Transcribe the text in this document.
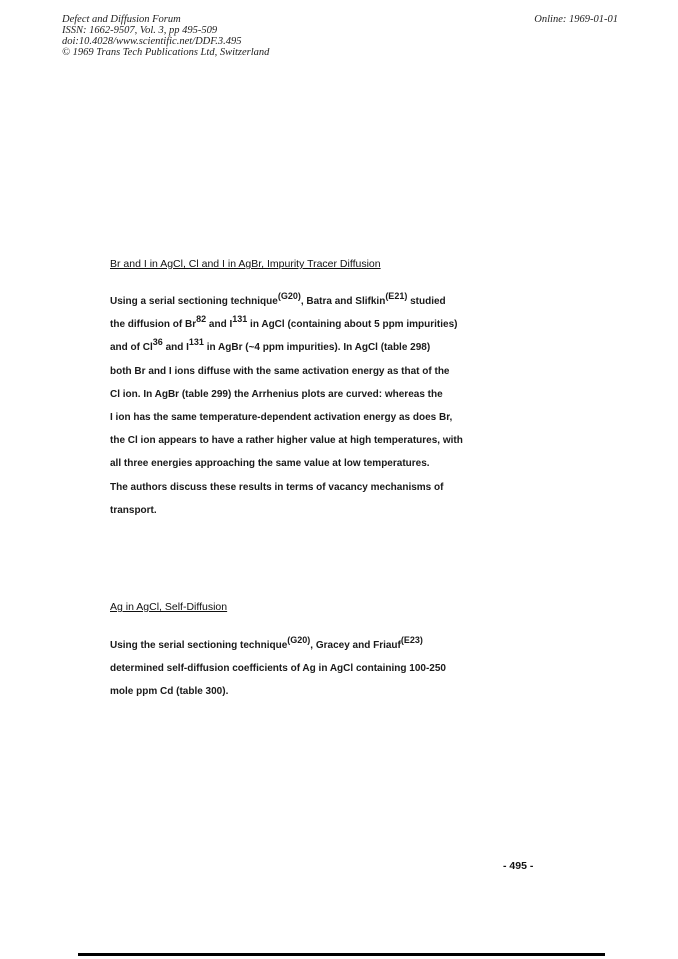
Defect and Diffusion Forum
ISSN: 1662-9507, Vol. 3, pp 495-509
doi:10.4028/www.scientific.net/DDF.3.495
© 1969 Trans Tech Publications Ltd, Switzerland
Online: 1969-01-01
Br and I in AgCl, Cl and I in AgBr, Impurity Tracer Diffusion
Using a serial sectioning technique$^{(G20)}$, Batra and Slifkin$^{(E21)}$ studied
the diffusion of Br$^{82}$ and $I^{131}$ in AgCl (containing about 5 ppm impurities)
and of Cl$^{36}$ and $I^{131}$ in AgBr (~4 ppm impurities). In AgCl (table 298)
both Br and I ions diffuse with the same activation energy as that of the
Cl ion. In AgBr (table 299) the Arrhenius plots are curved: whereas the
I ion has the same temperature-dependent activation energy as does Br,
the Cl ion appears to have a rather higher value at high temperatures, with
all three energies approaching the same value at low temperatures.
The authors discuss these results in terms of vacancy mechanisms of
transport.
Ag in AgCl, Self-Diffusion
Using the serial sectioning technique$^{(G20)}$, Gracey and Friauf$^{(E23)}$
determined self-diffusion coefficients of Ag in AgCl containing 100-250
mole ppm Cd (table 300).
- 495 -
